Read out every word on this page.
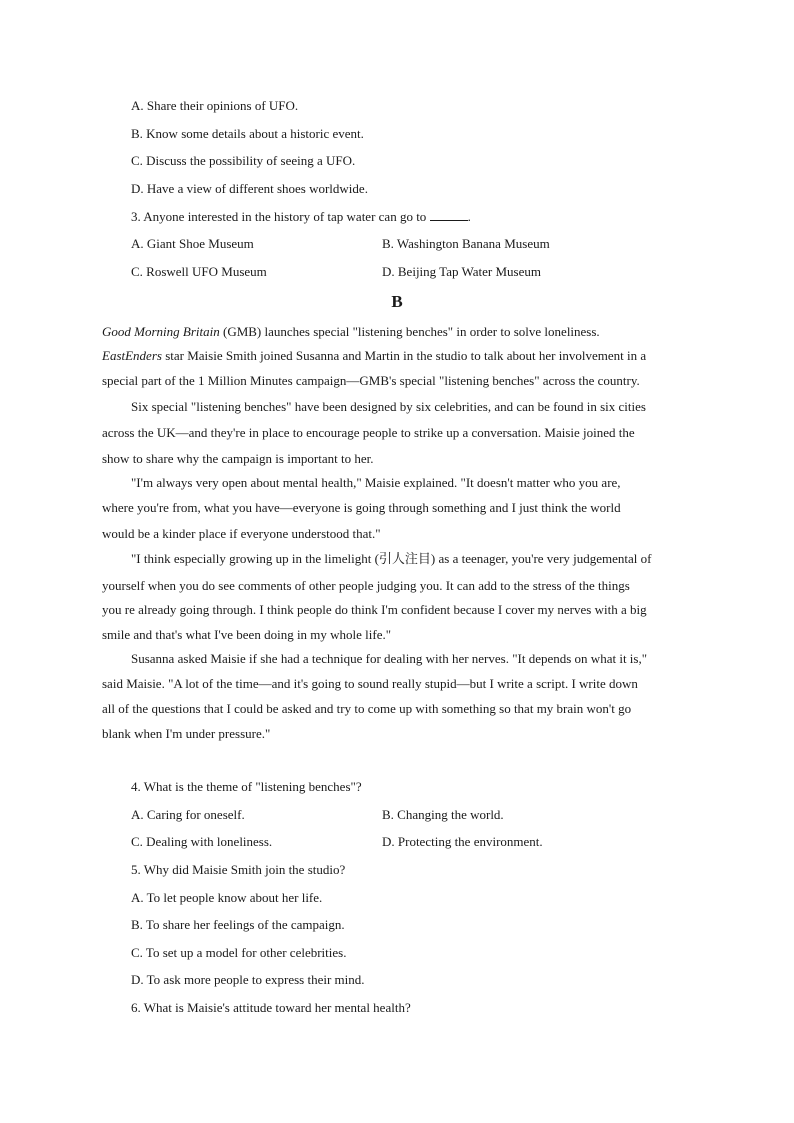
A. Share their opinions of UFO.
B. Know some details about a historic event.
C. Discuss the possibility of seeing a UFO.
D. Have a view of different shoes worldwide.
3. Anyone interested in the history of tap water can go to	.
A. Giant Shoe Museum	B. Washington Banana Museum
C. Roswell UFO Museum	D. Beijing Tap Water Museum
B
Good Morning Britain (GMB) launches special "listening benches" in order to solve loneliness.
EastEnders star Maisie Smith joined Susanna and Martin in the studio to talk about her involvement in a
special part of the 1 Million Minutes campaign—GMB's special "listening benches" across the country.
Six special "listening benches" have been designed by six celebrities, and can be found in six cities
across the UK—and they're in place to encourage people to strike up a conversation. Maisie joined the
show to share why the campaign is important to her.
"I'm always very open about mental health," Maisie explained. "It doesn't matter who you are,
where you're from, what you have—everyone is going through something and I just think the world
would be a kinder place if everyone understood that."
"I think especially growing up in the limelight (引人注目) as a teenager, you're very judgemental of
yourself when you do see comments of other people judging you. It can add to the stress of the things
you re already going through. I think people do think I'm confident because I cover my nerves with a big
smile and that's what I've been doing in my whole life."
Susanna asked Maisie if she had a technique for dealing with her nerves. "It depends on what it is,"
said Maisie. "A lot of the time—and it's going to sound really stupid—but I write a script. I write down
all of the questions that I could be asked and try to come up with something so that my brain won't go
blank when I'm under pressure."
4. What is the theme of "listening benches"?
A. Caring for oneself.	B. Changing the world.
C. Dealing with loneliness.	D. Protecting the environment.
5. Why did Maisie Smith join the studio?
A. To let people know about her life.
B. To share her feelings of the campaign.
C. To set up a model for other celebrities.
D. To ask more people to express their mind.
6. What is Maisie's attitude toward her mental health?
